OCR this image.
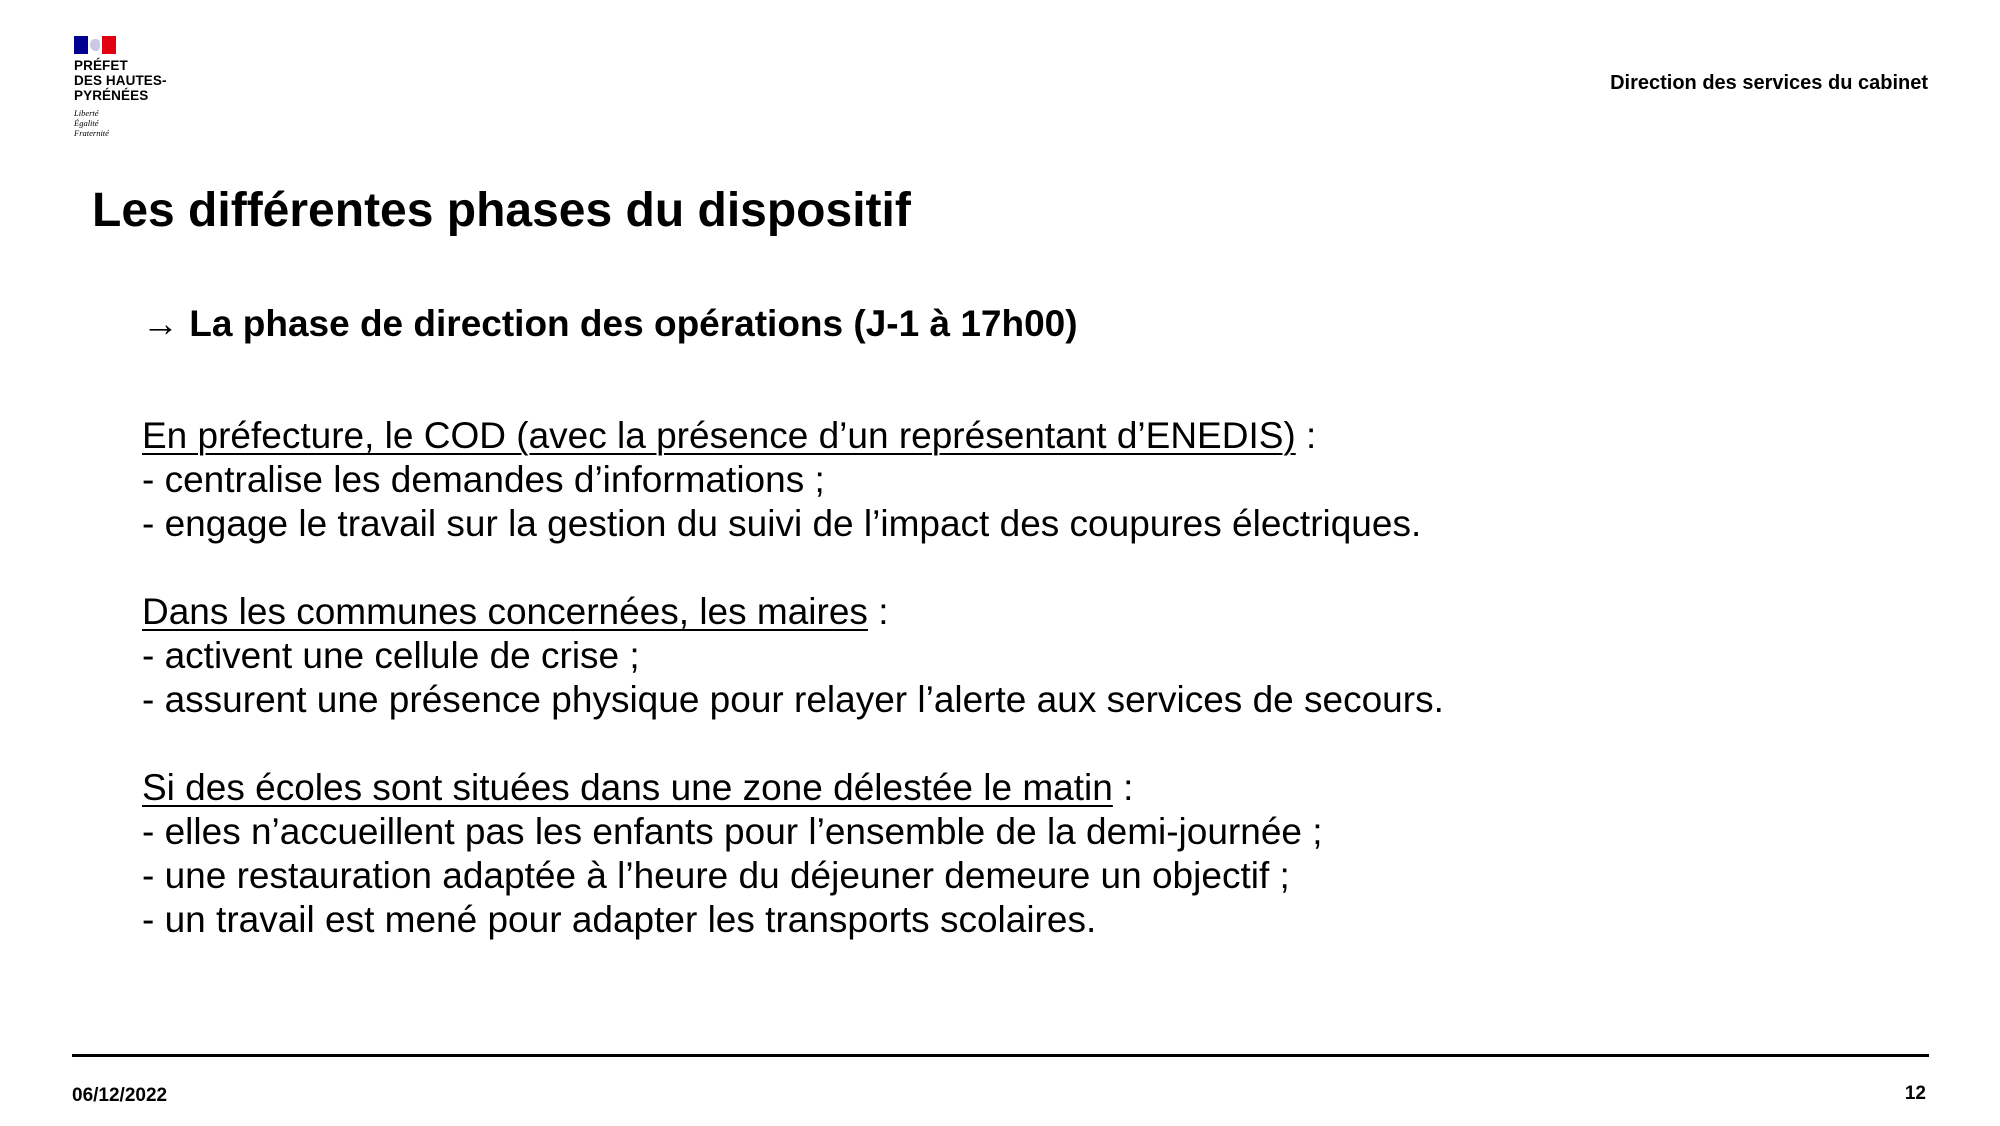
PRÉFET
DES HAUTES-
PYRÉNÉES
Liberté
Égalité
Fraternité
Direction des services du cabinet
Les différentes phases du dispositif
→ La phase de direction des opérations (J-1 à 17h00)
En préfecture, le COD (avec la présence d’un représentant d’ENEDIS) :
- centralise les demandes d’informations ;
- engage le travail sur la gestion du suivi de l’impact des coupures électriques.
Dans les communes concernées, les maires :
- activent une cellule de crise ;
- assurent une présence physique pour relayer l’alerte aux services de secours.
Si des écoles sont situées dans une zone délestée le matin :
- elles n’accueillent pas les enfants pour l’ensemble de la demi-journée ;
- une restauration adaptée à l’heure du déjeuner demeure un objectif ;
- un travail est mené pour adapter les transports scolaires.
06/12/2022	12
